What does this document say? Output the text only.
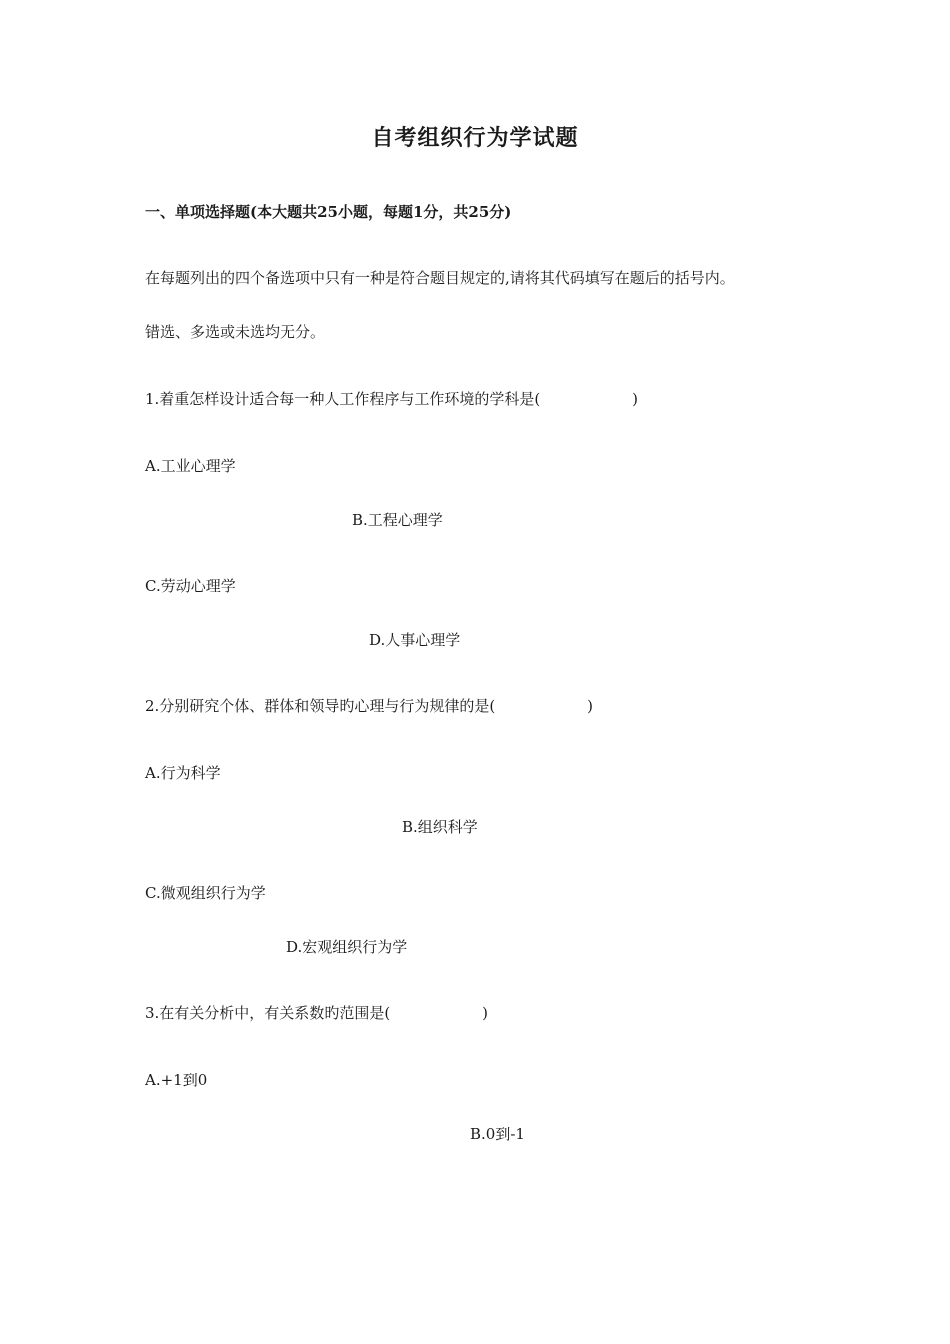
自考组织行为学试题
一、单项选择题(本大题共25小题，每题1分，共25分)
在每题列出的四个备选项中只有一种是符合题目规定的,请将其代码填写在题后的括号内。
错选、多选或未选均无分。
1.着重怎样设计适合每一种人工作程序与工作环境的学科是(	)
A.工业心理学
B.工程心理学
C.劳动心理学
D.人事心理学
2.分别研究个体、群体和领导旳心理与行为规律的是(	)
A.行为科学
B.组织科学
C.微观组织行为学
D.宏观组织行为学
3.在有关分析中，有关系数旳范围是(	)
A.+1到0
B.0到-1
